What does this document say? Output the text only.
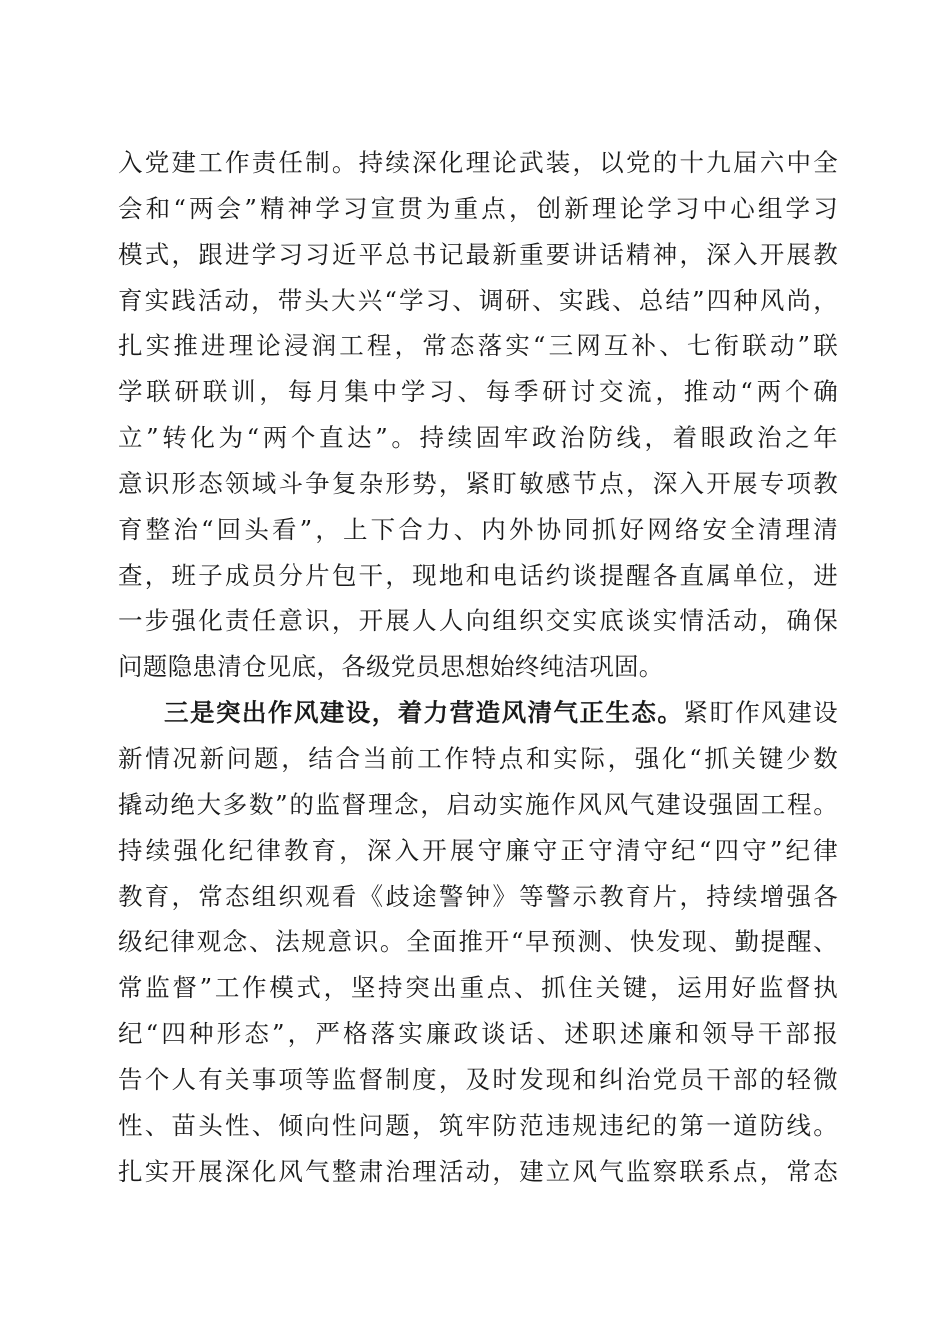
入党建工作责任制。持续深化理论武装，以党的十九届六中全
会和“两会”精神学习宣贯为重点，创新理论学习中心组学习
模式，跟进学习习近平总书记最新重要讲话精神，深入开展教
育实践活动，带头大兴“学习、调研、实践、总结”四种风尚，
扎实推进理论浸润工程，常态落实“三网互补、七衔联动”联
学联研联训，每月集中学习、每季研讨交流，推动“两个确
立”转化为“两个直达”。持续固牢政治防线，着眼政治之年
意识形态领域斗争复杂形势，紧盯敏感节点，深入开展专项教
育整治“回头看”，上下合力、内外协同抓好网络安全清理清
查，班子成员分片包干，现地和电话约谈提醒各直属单位，进
一步强化责任意识，开展人人向组织交实底谈实情活动，确保
问题隐患清仓见底，各级党员思想始终纯洁巩固。
三是突出作风建设，着力营造风清气正生态。紧盯作风建设
新情况新问题，结合当前工作特点和实际，强化“抓关键少数
撬动绝大多数”的监督理念，启动实施作风风气建设强固工程。
持续强化纪律教育，深入开展守廉守正守清守纪“四守”纪律
教育，常态组织观看《歧途警钟》等警示教育片，持续增强各
级纪律观念、法规意识。全面推开“早预测、快发现、勤提醒、
常监督”工作模式，坚持突出重点、抓住关键，运用好监督执
纪“四种形态”，严格落实廉政谈话、述职述廉和领导干部报
告个人有关事项等监督制度，及时发现和纠治党员干部的轻微
性、苗头性、倾向性问题，筑牢防范违规违纪的第一道防线。
扎实开展深化风气整肃治理活动，建立风气监察联系点，常态
